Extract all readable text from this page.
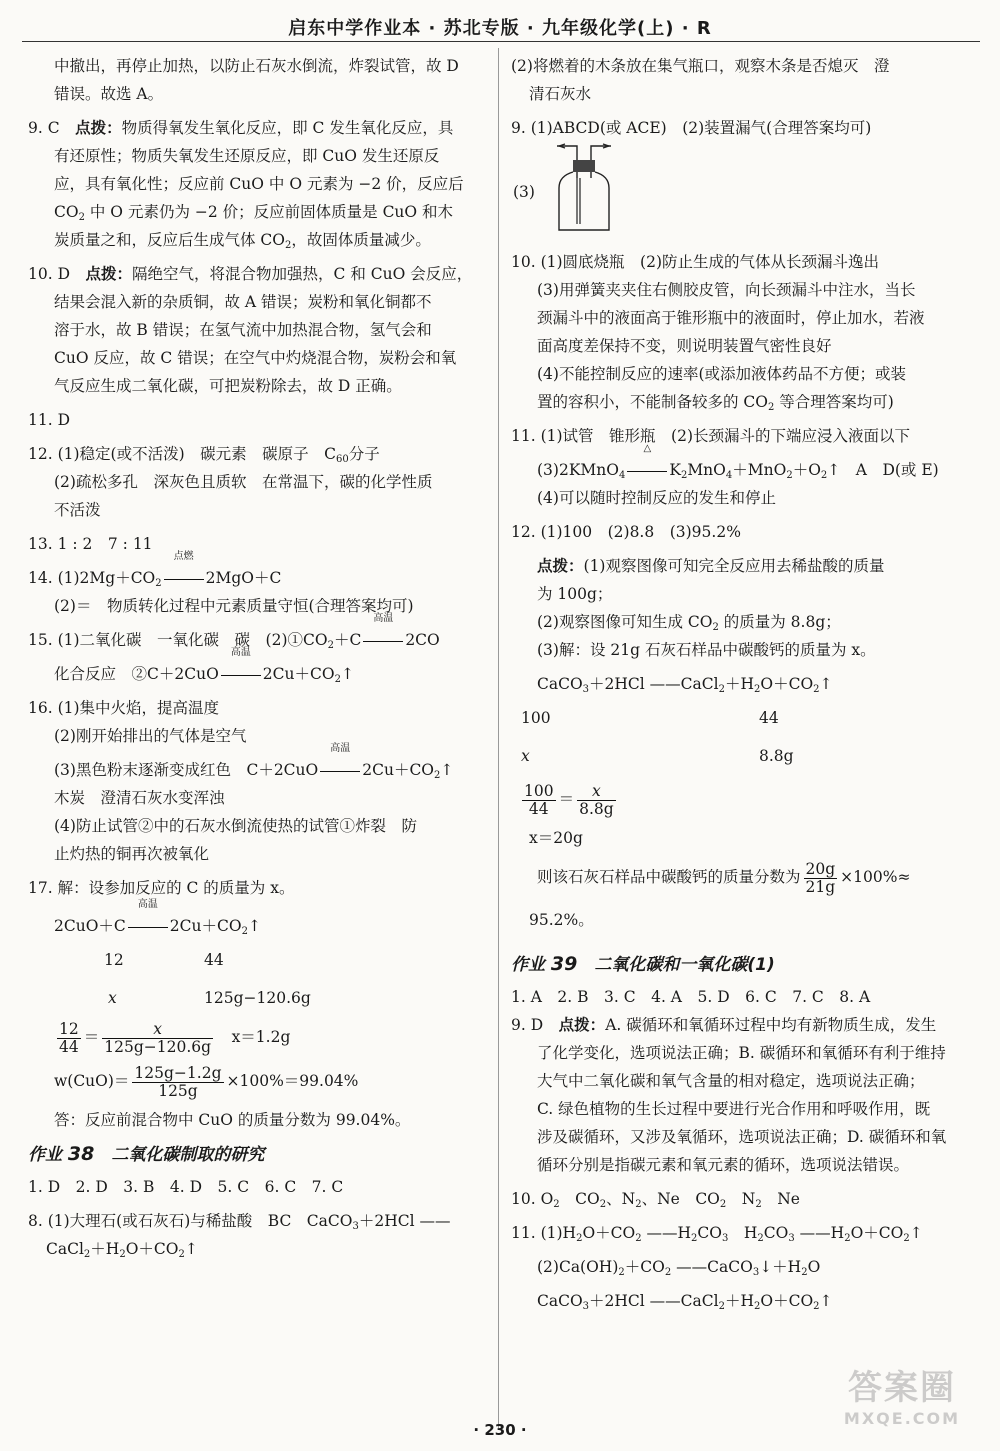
启东中学作业本 · 苏北专版 · 九年级化学(上) · R

中撤出，再停止加热，以防止石灰水倒流，炸裂试管，故 D

错误。故选 A。

9. C　 点拨：物质得氧发生氧化反应，即 C 发生氧化反应，具

有还原性；物质失氧发生还原反应，即 CuO 发生还原反

应，具有氧化性；反应前 CuO 中 O 元素为 −2 价，反应后

$CO_2$ 中 O 元素仍为 −2 价；反应前固体质量是 CuO 和木

炭质量之和，反应后生成气体 $CO_2$，故固体质量减少。

10. D　 点拨：隔绝空气，将混合物加强热，C 和 CuO 会反应，

结果会混入新的杂质铜，故 A 错误；炭粉和氧化铜都不

溶于水，故 B 错误；在氢气流中加热混合物，氢气会和

CuO 反应，故 C 错误；在空气中灼烧混合物，炭粉会和氧

气反应生成二氧化碳，可把炭粉除去，故 D 正确。

11. D

12. (1)稳定(或不活泼)　碳元素　碳原子　$C_{60}$分子

(2)疏松多孔　深灰色且质软　在常温下，碳的化学性质

不活泼

13. 1 : 2　7 : 11

14. $(1)2Mg+CO_2$
点燃
2MgO＋C

(2)＝　物质转化过程中元素质量守恒(合理答案均可)

15. (1)二氧化碳　一氧化碳　碳　$(2)①CO_2+C$
高温
2CO

化合反应　②C＋2CuO
高温
$2Cu+CO_2↑$

16. (1)集中火焰，提高温度

(2)刚开始排出的气体是空气

(3)黑色粉末逐渐变成红色　C＋2CuO
高温
$2Cu+CO_2↑$

木炭　澄清石灰水变浑浊

(4)防止试管②中的石灰水倒流使热的试管①炸裂　防

止灼热的铜再次被氧化

17. 解：设参加反应的 C 的质量为 x。

2CuO＋C
高温
$2Cu+CO_2↑$

12	44
x	125g−120.6g

$\frac{12}{44} = \frac{x}{125g-120.6g}$
　 x＝1.2g

$w(CuO)= \frac{125g-1.2g}{125g} \times 100\%=99.04\%$

答：反应前混合物中 CuO 的质量分数为 99.04%。

作业 38　 二氧化碳制取的研究

1. D　2. D　3. B　4. D　5. C　6. C　7. C

8. (1)大理石(或石灰石)与稀盐酸　BC　CaCO$_3$＋2HCl ——

$CaCl_2+H_2O+CO_2↑$

(2)将燃着的木条放在集气瓶口，观察木条是否熄灭　澄

清石灰水

9. (1)ABCD(或 ACE)　(2)装置漏气(合理答案均可)

(3)

10. (1)圆底烧瓶　(2)防止生成的气体从长颈漏斗逸出

(3)用弹簧夹夹住右侧胶皮管，向长颈漏斗中注水，当长

颈漏斗中的液面高于锥形瓶中的液面时，停止加水，若液

面高度差保持不变，则说明装置气密性良好

(4)不能控制反应的速率(或添加液体药品不方便；或装

置的容积小，不能制备较多的 $CO_2$ 等合理答案均可)

11. (1)试管　锥形瓶　(2)长颈漏斗的下端应浸入液面以下

(3)2KMnO$_4$
△
$K_2MnO_4+MnO_2+O_2↑$　A　D(或 E)

(4)可以随时控制反应的发生和停止

12. (1)100　(2)8.8　(3)95.2%

点拨：(1)观察图像可知完全反应用去稀盐酸的质量

为 100g；

(2)观察图像可知生成 $CO_2$ 的质量为 8.8g；

(3)解：设 21g 石灰石样品中碳酸钙的质量为 x。

CaCO$_3$＋2HCl $——CaCl_2+H_2O+CO_2↑$

100	44
x	8.8g

$\frac{100}{44} = \frac{x}{8.8g}$

x＝20g

则该石灰石样品中碳酸钙的质量分数为 $\frac{20g}{21g} \times 100\%\approx$

95.2%。

作业 39　 二氧化碳和一氧化碳(1)

1. A　2. B　3. C　4. A　5. D　6. C　7. C　8. A

9. D　 点拨：A. 碳循环和氧循环过程中均有新物质生成，发生

了化学变化，选项说法正确；B. 碳循环和氧循环有利于维持

大气中二氧化碳和氧气含量的相对稳定，选项说法正确；

C. 绿色植物的生长过程中要进行光合作用和呼吸作用，既

涉及碳循环，又涉及氧循环，选项说法正确；D. 碳循环和氧

循环分别是指碳元素和氧元素的循环，选项说法错误。

10. $O_2$　$CO_2$、$N_2$、Ne　$CO_2$　$N_2$　Ne

11. $(1)H_2O+CO_2$ $——H_2CO_3$　$H_2CO_3$ $——H_2O+CO_2↑$

$(2)Ca(OH)_2+CO_2$ $——CaCO_3↓+H_2O$

CaCO$_3$＋2HCl $——CaCl_2+H_2O+CO_2↑$

· 230 ·
答案圈
MXQE.COM
